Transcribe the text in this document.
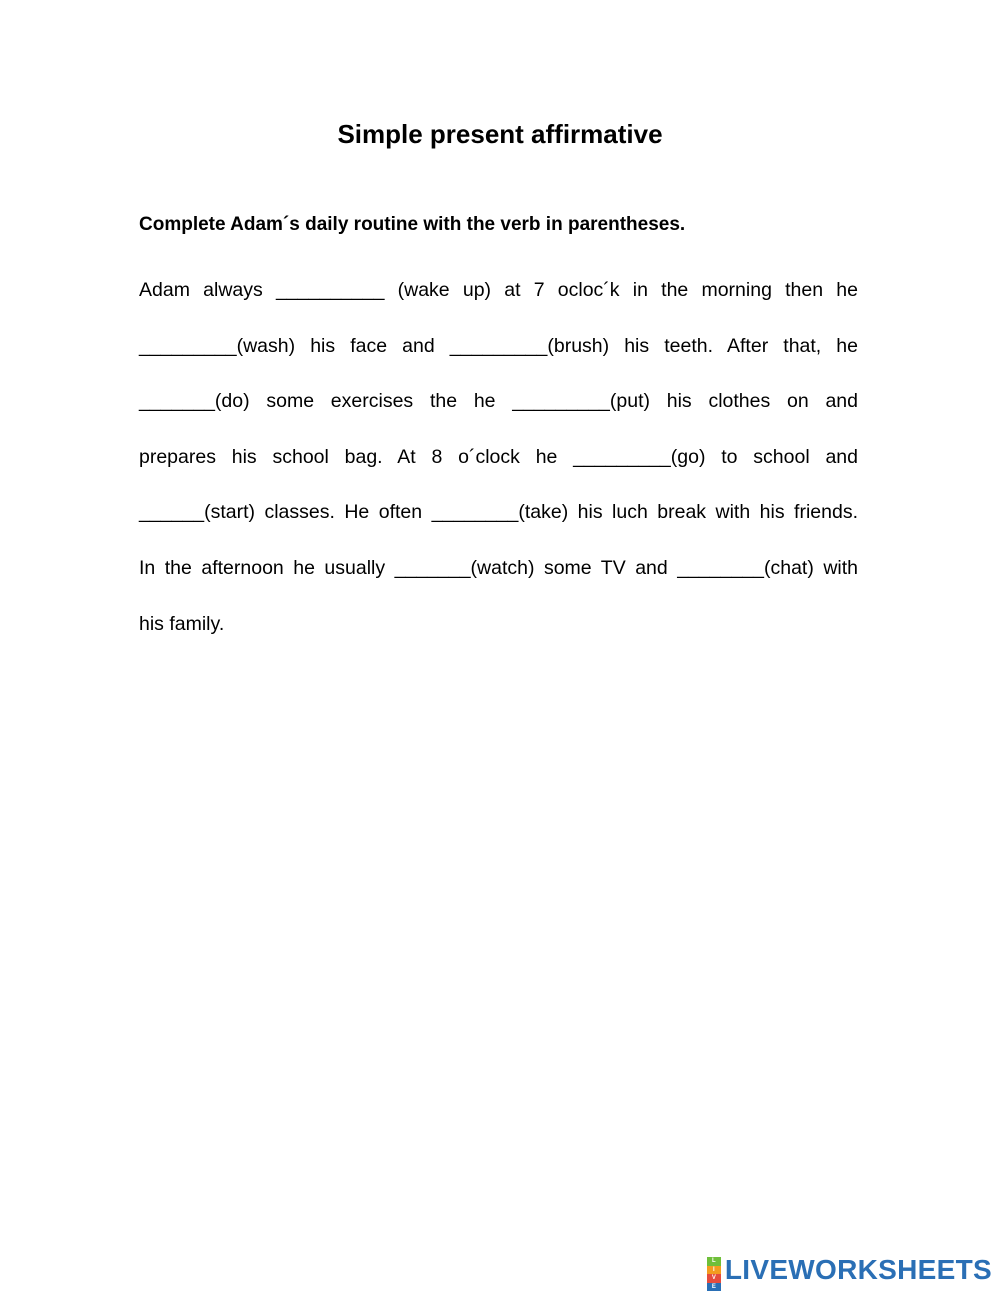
Simple present affirmative

Complete Adam´s daily routine with the verb in parentheses.

Adam always __________ (wake up) at 7 ocloc´k in the morning then he
_________(wash) his face and _________(brush) his teeth. After that, he
_______(do) some exercises the he _________(put) his clothes on and
prepares his school bag. At 8 o´clock he _________(go) to school and
______(start) classes. He often ________(take) his luch break with his friends.
In the afternoon he usually _______(watch) some TV and ________(chat) with
his family.
L
I
V
E
LIVEWORKSHEETS
